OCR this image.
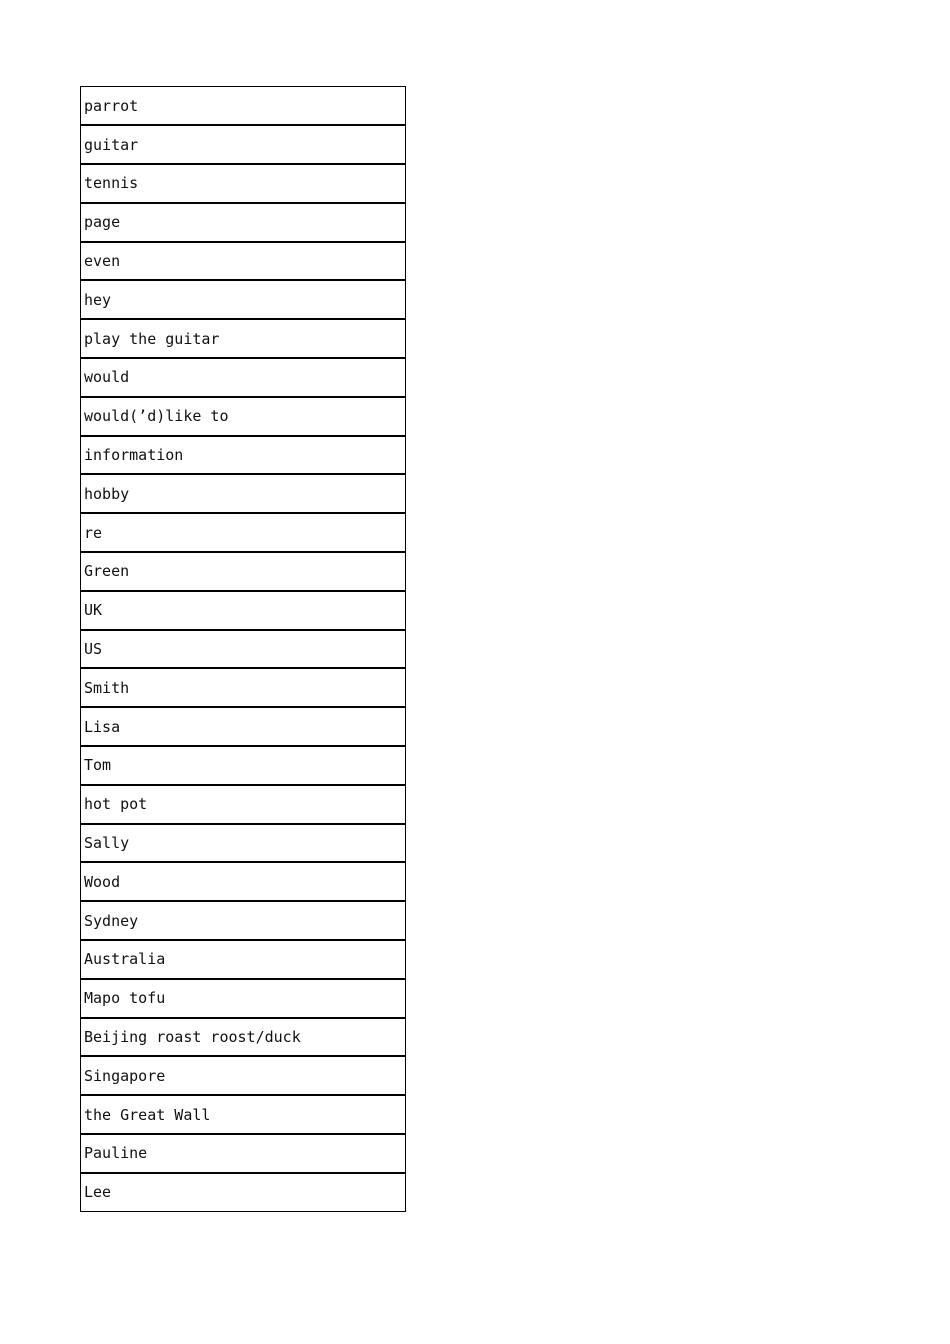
parrot
guitar
tennis
page
even
hey
play the guitar
would
would(’d)like to
information
hobby
re
Green
UK
US
Smith
Lisa
Tom
hot pot
Sally
Wood
Sydney
Australia
Mapo tofu
Beijing roast roost/duck
Singapore
the Great Wall
Pauline
Lee
